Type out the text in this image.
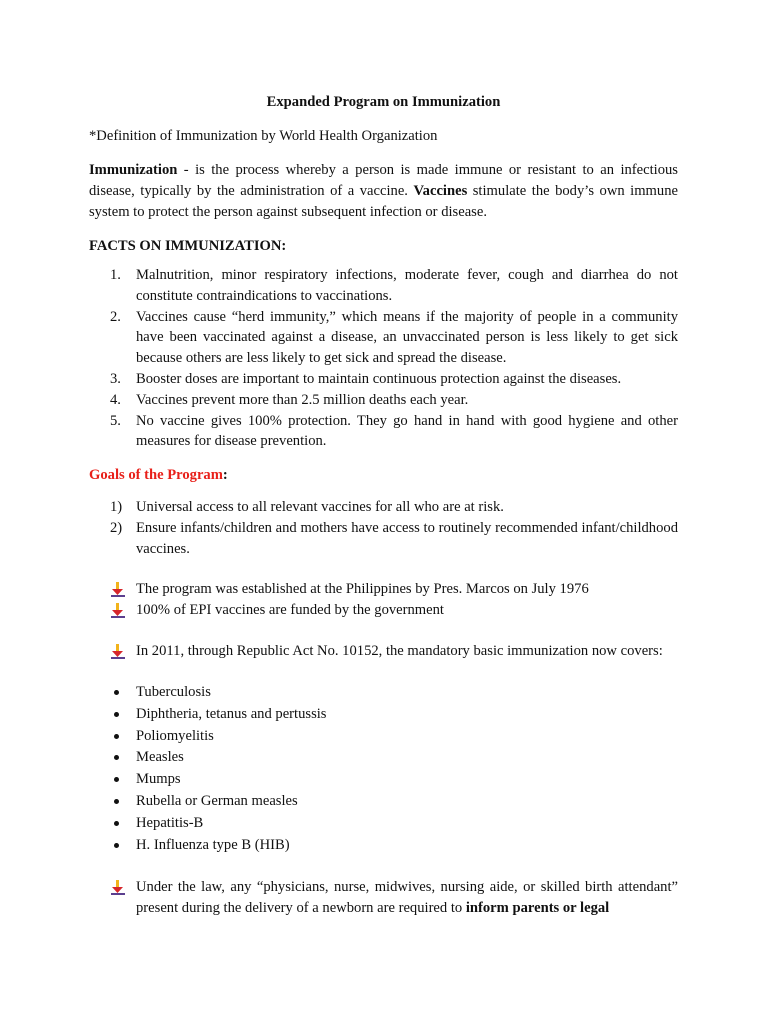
Expanded Program on Immunization
*Definition of Immunization by World Health Organization
Immunization - is the process whereby a person is made immune or resistant to an infectious disease, typically by the administration of a vaccine. Vaccines stimulate the body’s own immune system to protect the person against subsequent infection or disease.
FACTS ON IMMUNIZATION:
1. Malnutrition, minor respiratory infections, moderate fever, cough and diarrhea do not constitute contraindications to vaccinations.
2. Vaccines cause “herd immunity,” which means if the majority of people in a community have been vaccinated against a disease, an unvaccinated person is less likely to get sick because others are less likely to get sick and spread the disease.
3. Booster doses are important to maintain continuous protection against the diseases.
4. Vaccines prevent more than 2.5 million deaths each year.
5. No vaccine gives 100% protection. They go hand in hand with good hygiene and other measures for disease prevention.
Goals of the Program:
1) Universal access to all relevant vaccines for all who are at risk.
2) Ensure infants/children and mothers have access to routinely recommended infant/childhood vaccines.
The program was established at the Philippines by Pres. Marcos on July 1976
100% of EPI vaccines are funded by the government
In 2011, through Republic Act No. 10152, the mandatory basic immunization now covers:
Tuberculosis
Diphtheria, tetanus and pertussis
Poliomyelitis
Measles
Mumps
Rubella or German measles
Hepatitis-B
H. Influenza type B (HIB)
Under the law, any “physicians, nurse, midwives, nursing aide, or skilled birth attendant” present during the delivery of a newborn are required to inform parents or legal
